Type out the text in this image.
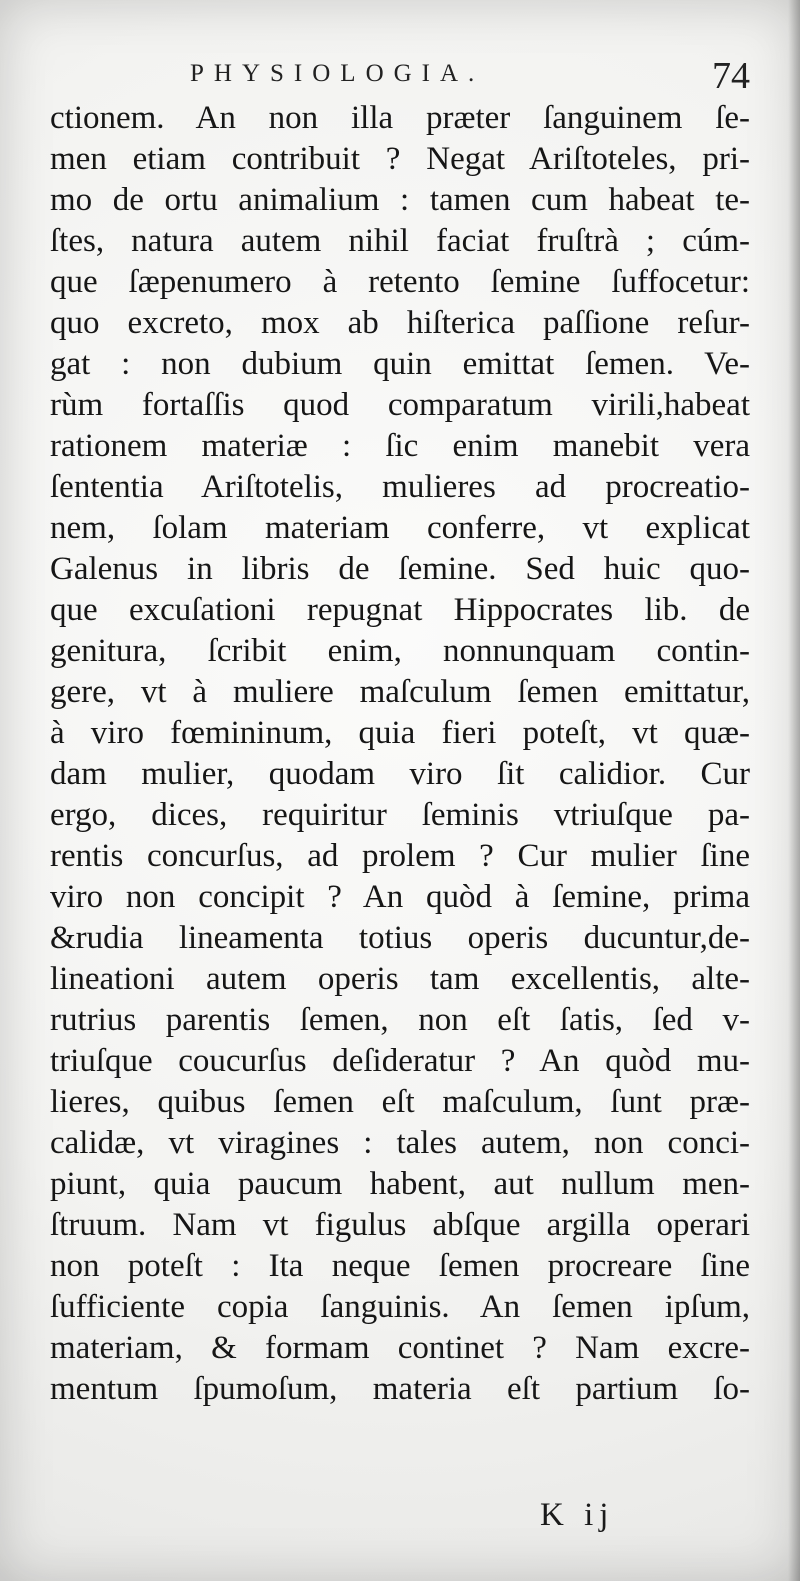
PHYSIOLOGIA.	74
ctionem. An non illa præter ſanguinem ſe-
men etiam contribuit ? Negat Ariſtoteles, pri-
mo de ortu animalium : tamen cum habeat te-
ſtes, natura autem nihil faciat fruſtrà ; cúm-
que ſæpenumero à retento ſemine ſuffocetur:
quo excreto, mox ab hiſterica paſſione reſur-
gat : non dubium quin emittat ſemen. Ve-
rùm fortaſſis quod comparatum virili,habeat
rationem materiæ : ſic enim manebit vera
ſententia Ariſtotelis, mulieres ad procreatio-
nem, ſolam materiam conferre, vt explicat
Galenus in libris de ſemine. Sed huic quo-
que excuſationi repugnat Hippocrates lib. de
genitura, ſcribit enim, nonnunquam contin-
gere, vt à muliere maſculum ſemen emittatur,
à viro fœmininum, quia fieri poteſt, vt quæ-
dam mulier, quodam viro ſit calidior. Cur
ergo, dices, requiritur ſeminis vtriuſque pa-
rentis concurſus, ad prolem ? Cur mulier ſine
viro non concipit ? An quòd à ſemine, prima
&rudia lineamenta totius operis ducuntur,de-
lineationi autem operis tam excellentis, alte-
rutrius parentis ſemen, non eſt ſatis, ſed v-
triuſque coucurſus deſideratur ? An quòd mu-
lieres, quibus ſemen eſt maſculum, ſunt præ-
calidæ, vt viragines : tales autem, non conci-
piunt, quia paucum habent, aut nullum men-
ſtruum. Nam vt figulus abſque argilla operari
non poteſt : Ita neque ſemen procreare ſine
ſufficiente copia ſanguinis. An ſemen ipſum,
materiam, & formam continet ? Nam excre-
mentum ſpumoſum, materia eſt partium ſo-
K ij
